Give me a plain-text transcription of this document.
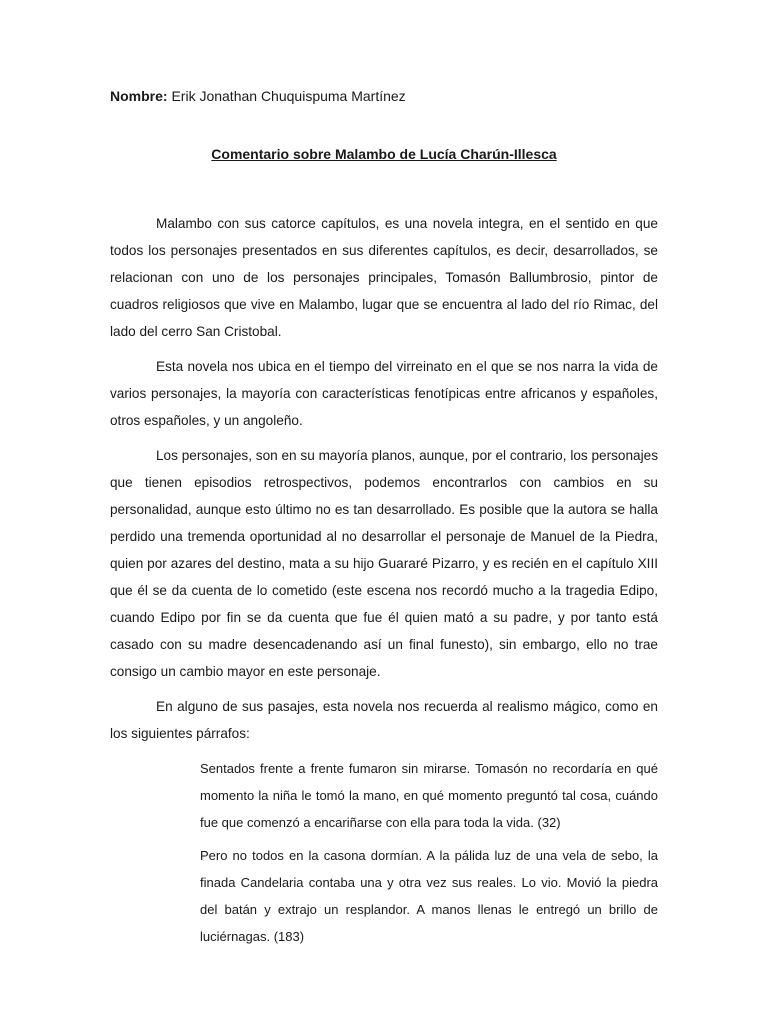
Nombre: Erik Jonathan Chuquispuma Martínez

Comentario sobre Malambo de Lucía Charún-Illesca

Malambo con sus catorce capítulos, es una novela integra, en el sentido en que todos los personajes presentados en sus diferentes capítulos, es decir, desarrollados, se relacionan con uno de los personajes principales, Tomasón Ballumbrosio, pintor de cuadros religiosos que vive en Malambo, lugar que se encuentra al lado del río Rimac, del lado del cerro San Cristobal.

Esta novela nos ubica en el tiempo del virreinato en el que se nos narra la vida de varios personajes, la mayoría con características fenotípicas entre africanos y españoles, otros españoles, y un angoleño.

Los personajes, son en su mayoría planos, aunque, por el contrario, los personajes que tienen episodios retrospectivos, podemos encontrarlos con cambios en su personalidad, aunque esto último no es tan desarrollado. Es posible que la autora se halla perdido una tremenda oportunidad al no desarrollar el personaje de Manuel de la Piedra, quien por azares del destino, mata a su hijo Guararé Pizarro, y es recién en el capítulo XIII que él se da cuenta de lo cometido (este escena nos recordó mucho a la tragedia Edipo, cuando Edipo por fin se da cuenta que fue él quien mató a su padre, y por tanto está casado con su madre desencadenando así un final funesto), sin embargo, ello no trae consigo un cambio mayor en este personaje.

En alguno de sus pasajes, esta novela nos recuerda al realismo mágico, como en los siguientes párrafos:

Sentados frente a frente fumaron sin mirarse. Tomasón no recordaría en qué momento la niña le tomó la mano, en qué momento preguntó tal cosa, cuándo fue que comenzó a encariñarse con ella para toda la vida. (32)

Pero no todos en la casona dormían. A la pálida luz de una vela de sebo, la finada Candelaria contaba una y otra vez sus reales. Lo vio. Movió la piedra del batán y extrajo un resplandor. A manos llenas le entregó un brillo de luciérnagas. (183)
